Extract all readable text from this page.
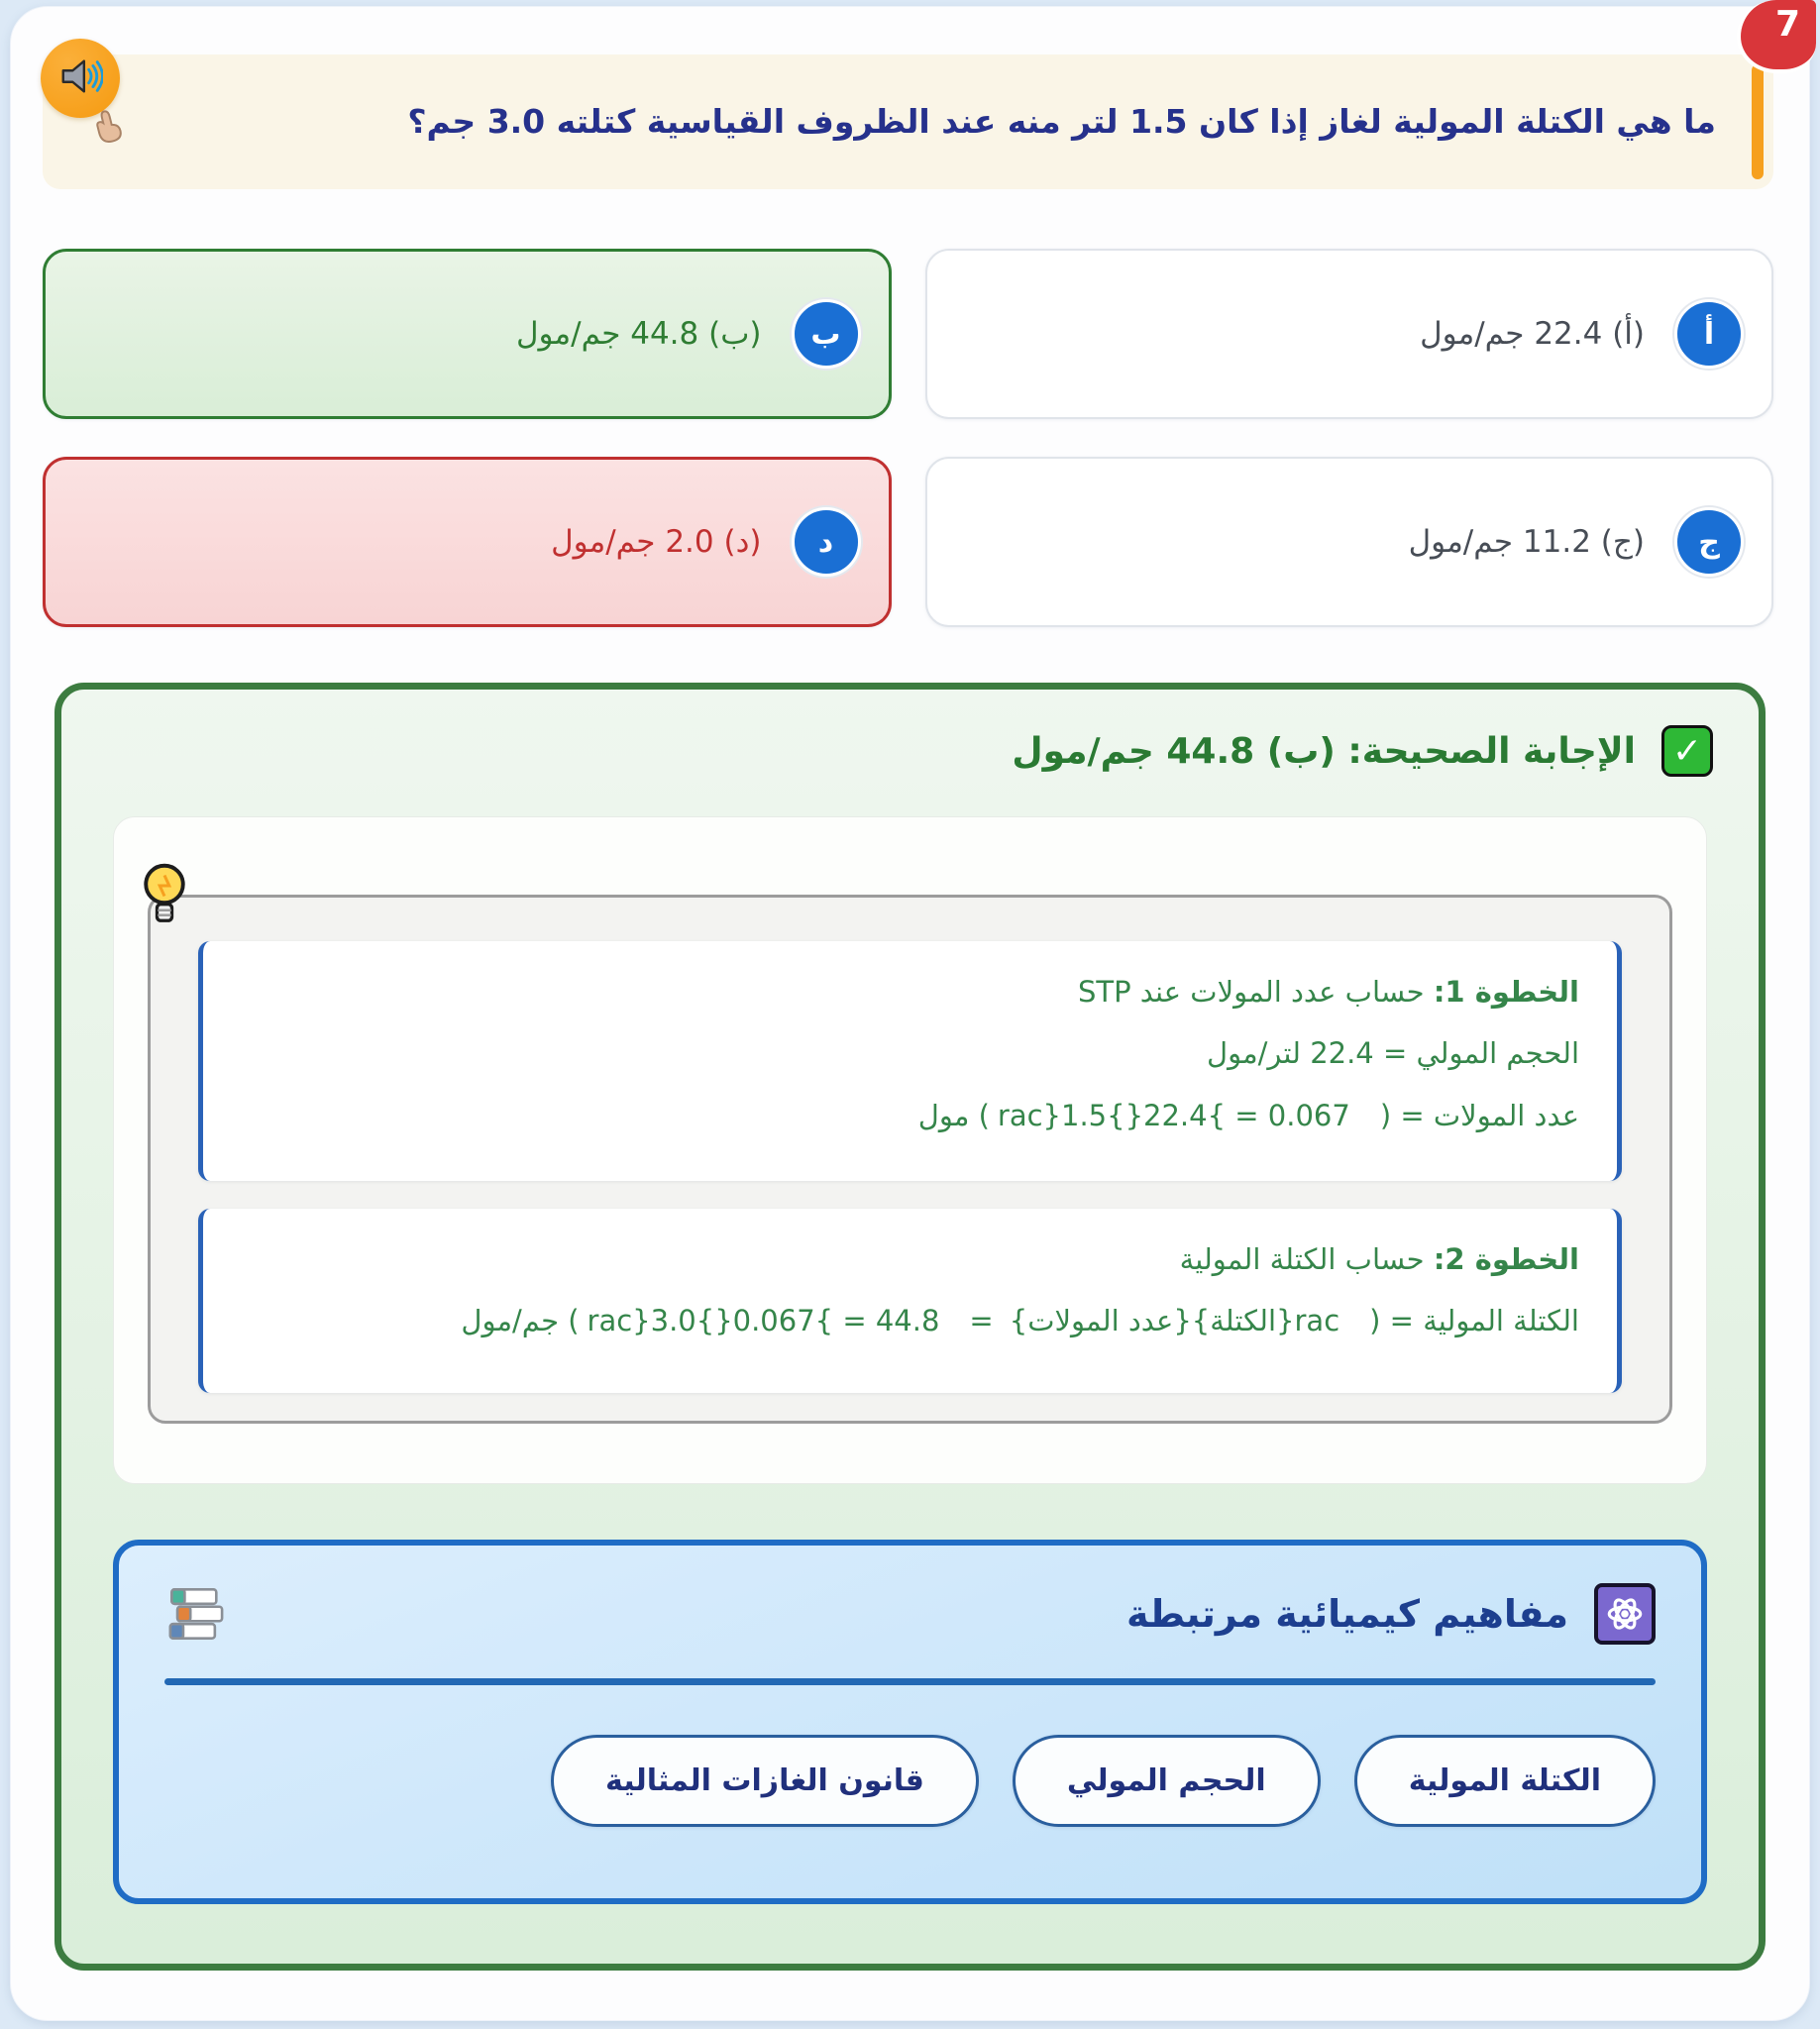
7
ما هي الكتلة المولية لغاز إذا كان 1.5 لتر منه عند الظروف القياسية كتلته 3.0 جم؟
أ
(أ) 22.4 جم/مول
ب
(ب) 44.8 جم/مول
ج
(ج) 11.2 جم/مول
د
(د) 2.0 جم/مول
✓
الإجابة الصحيحة: (ب) 44.8 جم/مول
الخطوة 1: حساب عدد المولات عند STP
الحجم المولي = 22.4 لتر/مول
عدد المولات = (rac}1.5{}22.4{ = 0.067) مول
الخطوة 2: حساب الكتلة المولية
الكتلة المولية = ({عدد المولات}{الكتلة}rac=rac}3.0{}0.067{ = 44.8) جم/مول
مفاهيم كيميائية مرتبطة
الكتلة المولية
الحجم المولي
قانون الغازات المثالية
